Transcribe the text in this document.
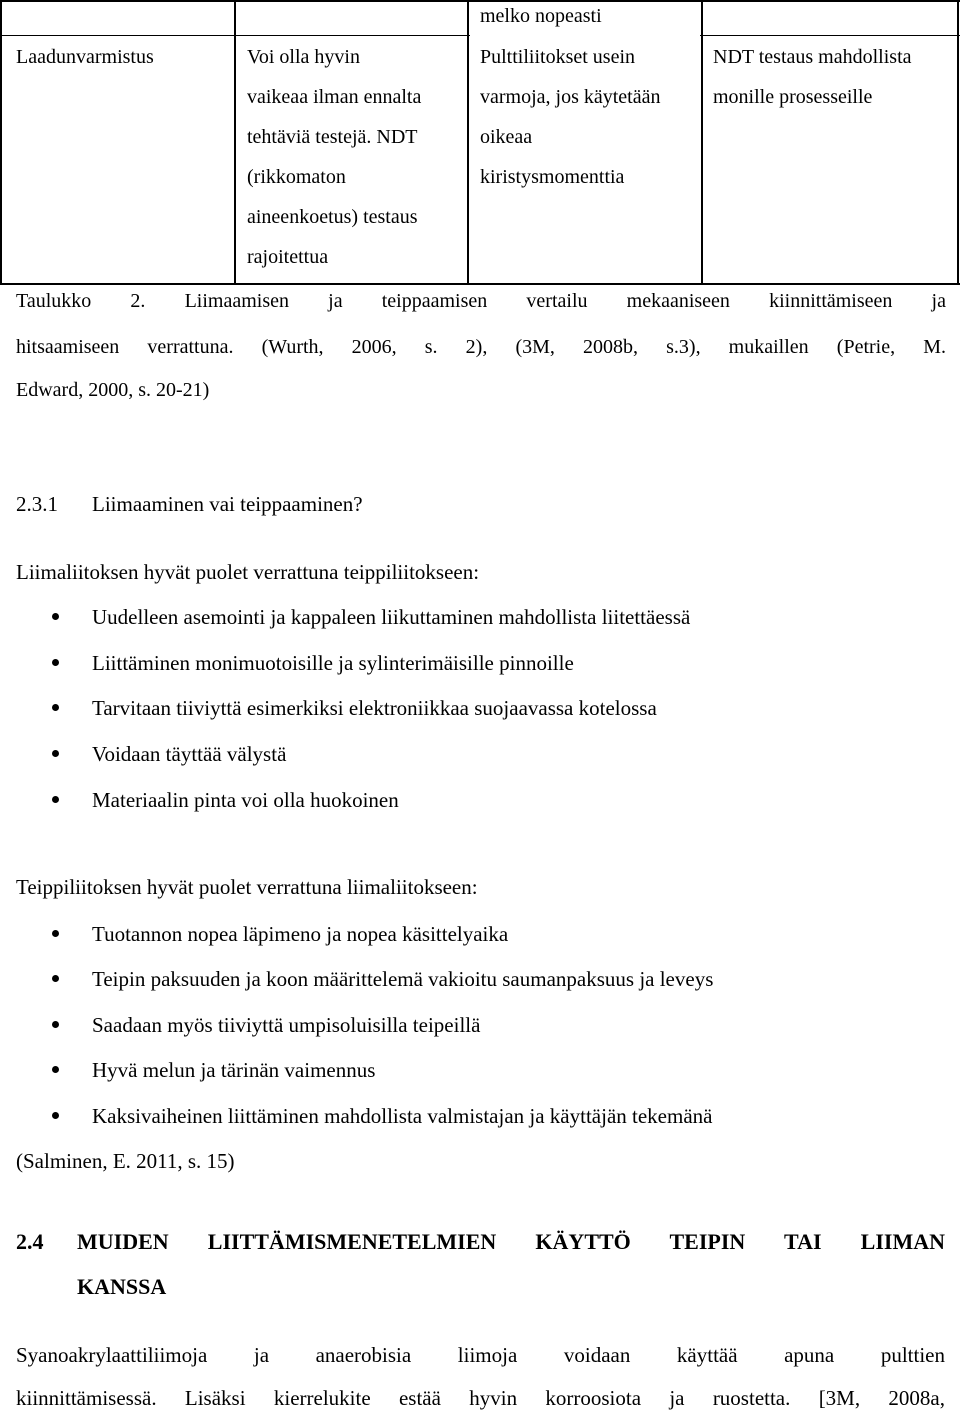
Laadunvarmistus	Voi olla hyvin
vaikeaa ilman ennalta
tehtäviä testejä. NDT
(rikkomaton
aineenkoetus) testaus
rajoitettua
melko nopeasti
Pulttiliitokset usein
varmoja, jos käytetään
oikeaa
kiristysmomenttia
NDT testaus mahdollista
monille prosesseille
Taulukko 2. Liimaamisen ja teippaamisen vertailu mekaaniseen kiinnittämiseen ja
hitsaamiseen verrattuna. (Wurth, 2006, s. 2), (3M, 2008b, s.3), mukaillen (Petrie, M.
Edward, 2000, s. 20-21)
2.3.1 Liimaaminen vai teippaaminen?
Liimaliitoksen hyvät puolet verrattuna teippiliitokseen:
Uudelleen asemointi ja kappaleen liikuttaminen mahdollista liitettäessä
Liittäminen monimuotoisille ja sylinterimäisille pinnoille
Tarvitaan tiiviyttä esimerkiksi elektroniikkaa suojaavassa kotelossa
Voidaan täyttää välystä
Materiaalin pinta voi olla huokoinen
Teippiliitoksen hyvät puolet verrattuna liimaliitokseen:
Tuotannon nopea läpimeno ja nopea käsittelyaika
Teipin paksuuden ja koon määrittelemä vakioitu saumanpaksuus ja leveys
Saadaan myös tiiviyttä umpisoluisilla teipeillä
Hyvä melun ja tärinän vaimennus
Kaksivaiheinen liittäminen mahdollista valmistajan ja käyttäjän tekemänä
(Salminen, E. 2011, s. 15)
2.4 MUIDEN LIITTÄMISMENETELMIEN KÄYTTÖ TEIPIN TAI LIIMAN
KANSSA
Syanoakrylaattiliimoja ja anaerobisia liimoja voidaan käyttää apuna pulttien
kiinnittämisessä. Lisäksi kierrelukite estää hyvin korroosiota ja ruostetta. [3M, 2008a,
